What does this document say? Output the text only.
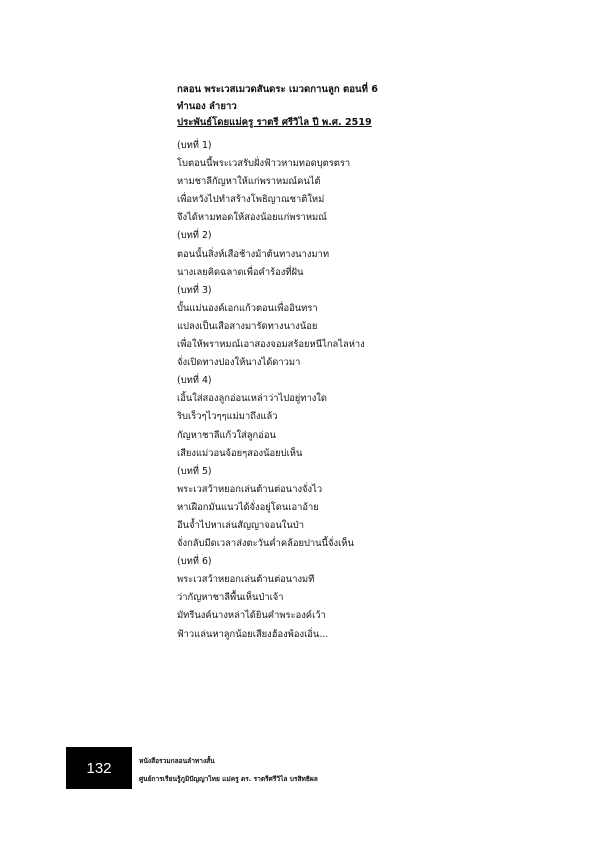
กลอน พระเวสเมวดสันดระ เมวดกานลูก ตอนที่ 6
ทำนอง ลำยาว
ประพันธ์โดยแม่ครู ราตรี ศรีวิไล ปี พ.ศ. 2519
(บทที่ 1)
โบตอนนี้พระเวสรับฝั่งฟ้าวหามทอดบุตรตรา
หามชาลีกัญหาให้แก่พราหมณ์คนไต้
เพื่อหวังไปทำสร้างโพธิญาณชาติใหม่
จึงได้หามทอดให้สองน้อยแก่พราหมณ์
(บทที่ 2)
ตอนนั้นสิ่งห์เสือช้างม้าต้นทางนางมาท
นางเลยคิดฉลาดเพื่อคำร้องที่ฝัน
(บทที่ 3)
บั้นแม่นองค์เอกแก้วตอนเพื่ออินทรา
แปลงเป็นเสือสางมารัดทางนางน้อย
เพื่อให้พราหมณ์เอาสองจอมสร้อยหนีไกลไลห่าง
จั่งเปิดทางปองให้นางได้ดาวมา
(บทที่ 4)
เอิ้นใส่สองลูกอ่อนเหล่าว่าไปอยู่ทางใด
ริบเร็วๆไวๆๆแม่มาถึงแล้ว
กัญหาชาลีแก้วใส่ลูกอ่อน
เสียงแม่วอนจ้อยๆสองน้อยบ่เห็น
(บทที่ 5)
พระเวสว้าหยอกเล่นต้านต่อนางจั่งไว
หาเฝือกมันแนวได้จั่งอยู่โดนเอาอ้าย
อีนจ้ำไปหาเล่นสัญญาจอนในป่า
จั่งกลับมีดเวลาส่งตะวันค่ำคล้อยปานนี้จั่งเห็น
(บทที่ 6)
พระเวสว้าหยอกเล่นต้านต่อนางมที
ว่ากัญหาชาลีพื้นเห็นป่าเจ้า
มัทรีนงค์นางหล่าได้ยินคำพระองค์เว้า
ฟ้าวแล่นหาลูกน้อยเสียงฮ้องพ้องเอิ่น...
132	หนังสือรวมกลอนลำทางสั้น
ศูนย์การเรียนรู้ภูมิปัญญาไทย แม่ครู ดร. ราตรีศรีวิไล บรสิทธิผล
